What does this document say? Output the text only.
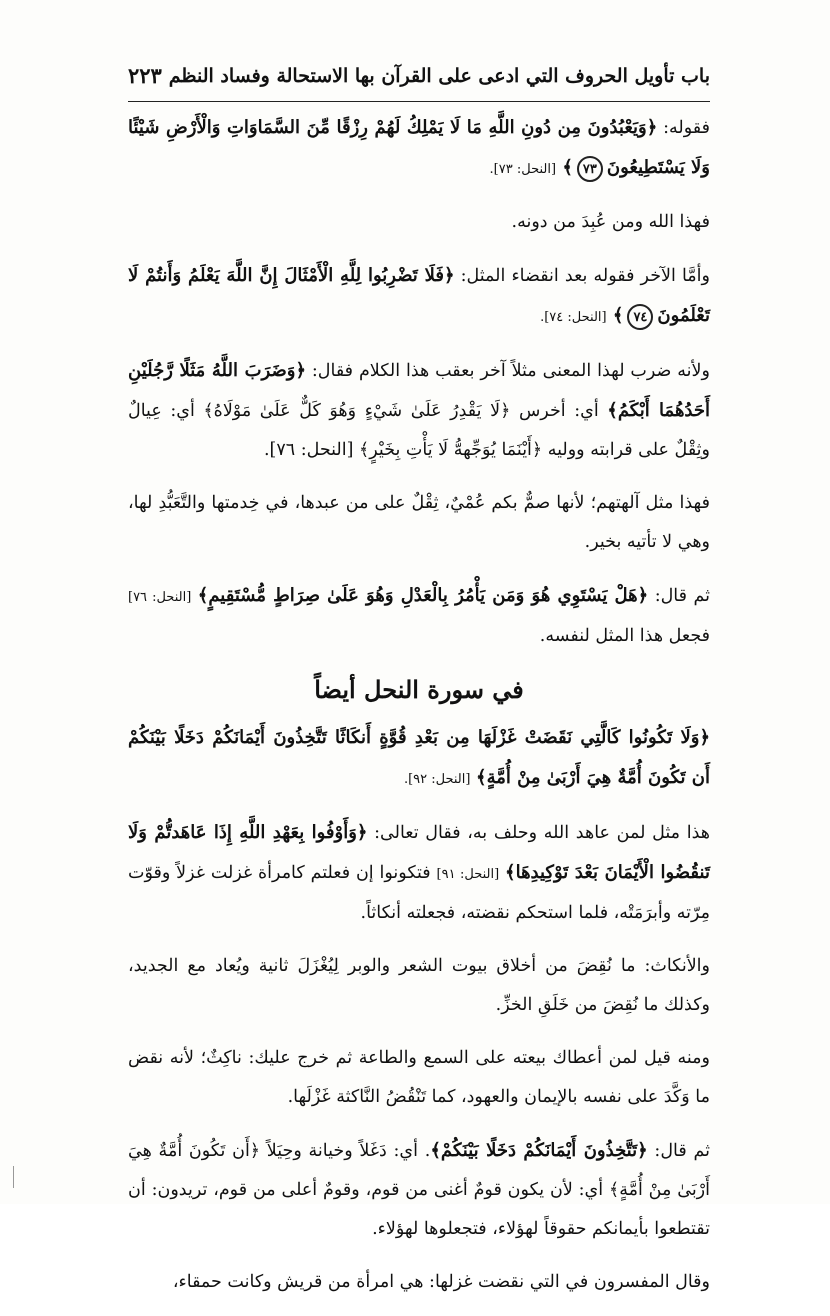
باب تأويل الحروف التي ادعى على القرآن بها الاستحالة وفساد النظم
٢٢٣

فقوله: ﴿وَيَعْبُدُونَ مِن دُونِ اللَّهِ مَا لَا يَمْلِكُ لَهُمْ رِزْقًا مِّنَ السَّمَاوَاتِ وَالْأَرْضِ شَيْئًا وَلَا يَسْتَطِيعُونَ٧٣﴾ [النحل: ٧٣].

فهذا الله ومن عُبِدَ من دونه.

وأمَّا الآخر فقوله بعد انقضاء المثل: ﴿فَلَا تَضْرِبُوا لِلَّهِ الْأَمْثَالَ إِنَّ اللَّهَ يَعْلَمُ وَأَنتُمْ لَا تَعْلَمُونَ٧٤﴾ [النحل: ٧٤].

ولأنه ضرب لهذا المعنى مثلاً آخر بعقب هذا الكلام فقال: ﴿وَضَرَبَ اللَّهُ مَثَلًا رَّجُلَيْنِ أَحَدُهُمَا أَبْكَمُ﴾ أي: أخرس ﴿لَا يَقْدِرُ عَلَىٰ شَيْءٍ وَهُوَ كَلٌّ عَلَىٰ مَوْلَاهُ﴾ أي: عِيالٌ وثِقْلٌ على قرابته ووليه ﴿أَيْنَمَا يُوَجِّههُّ لَا يَأْتِ بِخَيْرٍ﴾ [النحل: ٧٦].

فهذا مثل آلهتهم؛ لأنها صمٌّ بكم عُمْيٌ، ثِقْلٌ على من عبدها، في خِدمتها والتَّعَبُّدِ لها، وهي لا تأتيه بخير.

ثم قال: ﴿هَلْ يَسْتَوِي هُوَ وَمَن يَأْمُرُ بِالْعَدْلِ وَهُوَ عَلَىٰ صِرَاطٍ مُّسْتَقِيمٍ﴾ [النحل: ٧٦] فجعل هذا المثل لنفسه.

في سورة النحل أيضاً

﴿وَلَا تَكُونُوا كَالَّتِي نَقَضَتْ غَزْلَهَا مِن بَعْدِ قُوَّةٍ أَنكَاثًا تَتَّخِذُونَ أَيْمَانَكُمْ دَخَلًا بَيْنَكُمْ أَن تَكُونَ أُمَّةٌ هِيَ أَرْبَىٰ مِنْ أُمَّةٍ﴾ [النحل: ٩٢].

هذا مثل لمن عاهد الله وحلف به، فقال تعالى: ﴿وَأَوْفُوا بِعَهْدِ اللَّهِ إِذَا عَاهَدتُّمْ وَلَا تَنقُضُوا الْأَيْمَانَ بَعْدَ تَوْكِيدِهَا﴾ [النحل: ٩١] فتكونوا إن فعلتم كامرأة غزلت غزلاً وقوّت مِرّته وأبرَمَتْه، فلما استحكم نقضته، فجعلته أنكاثاً.

والأنكاث: ما نُقِضَ من أخلاق بيوت الشعر والوبر لِيُغْزَلَ ثانية ويُعاد مع الجديد، وكذلك ما نُقِضَ من خَلَقِ الخزِّ.

ومنه قيل لمن أعطاك بيعته على السمع والطاعة ثم خرج عليك: ناكِثٌ؛ لأنه نقض ما وَكَّدَ على نفسه بالإيمان والعهود، كما تَنْقُضُ النَّاكثة غَزْلَها.

ثم قال: ﴿تَتَّخِذُونَ أَيْمَانَكُمْ دَخَلًا بَيْنَكُمْ﴾. أي: دَغَلاً وخيانة وحِيَلاً ﴿أَن تَكُونَ أُمَّةٌ هِيَ أَرْبَىٰ مِنْ أُمَّةٍ﴾ أي: لأن يكون قومٌ أغنى من قوم، وقومٌ أعلى من قوم، تريدون: أن تقتطعوا بأيمانكم حقوقاً لهؤلاء، فتجعلوها لهؤلاء.

وقال المفسرون في التي نقضت غزلها: هي امرأة من قريش وكانت حمقاء،
